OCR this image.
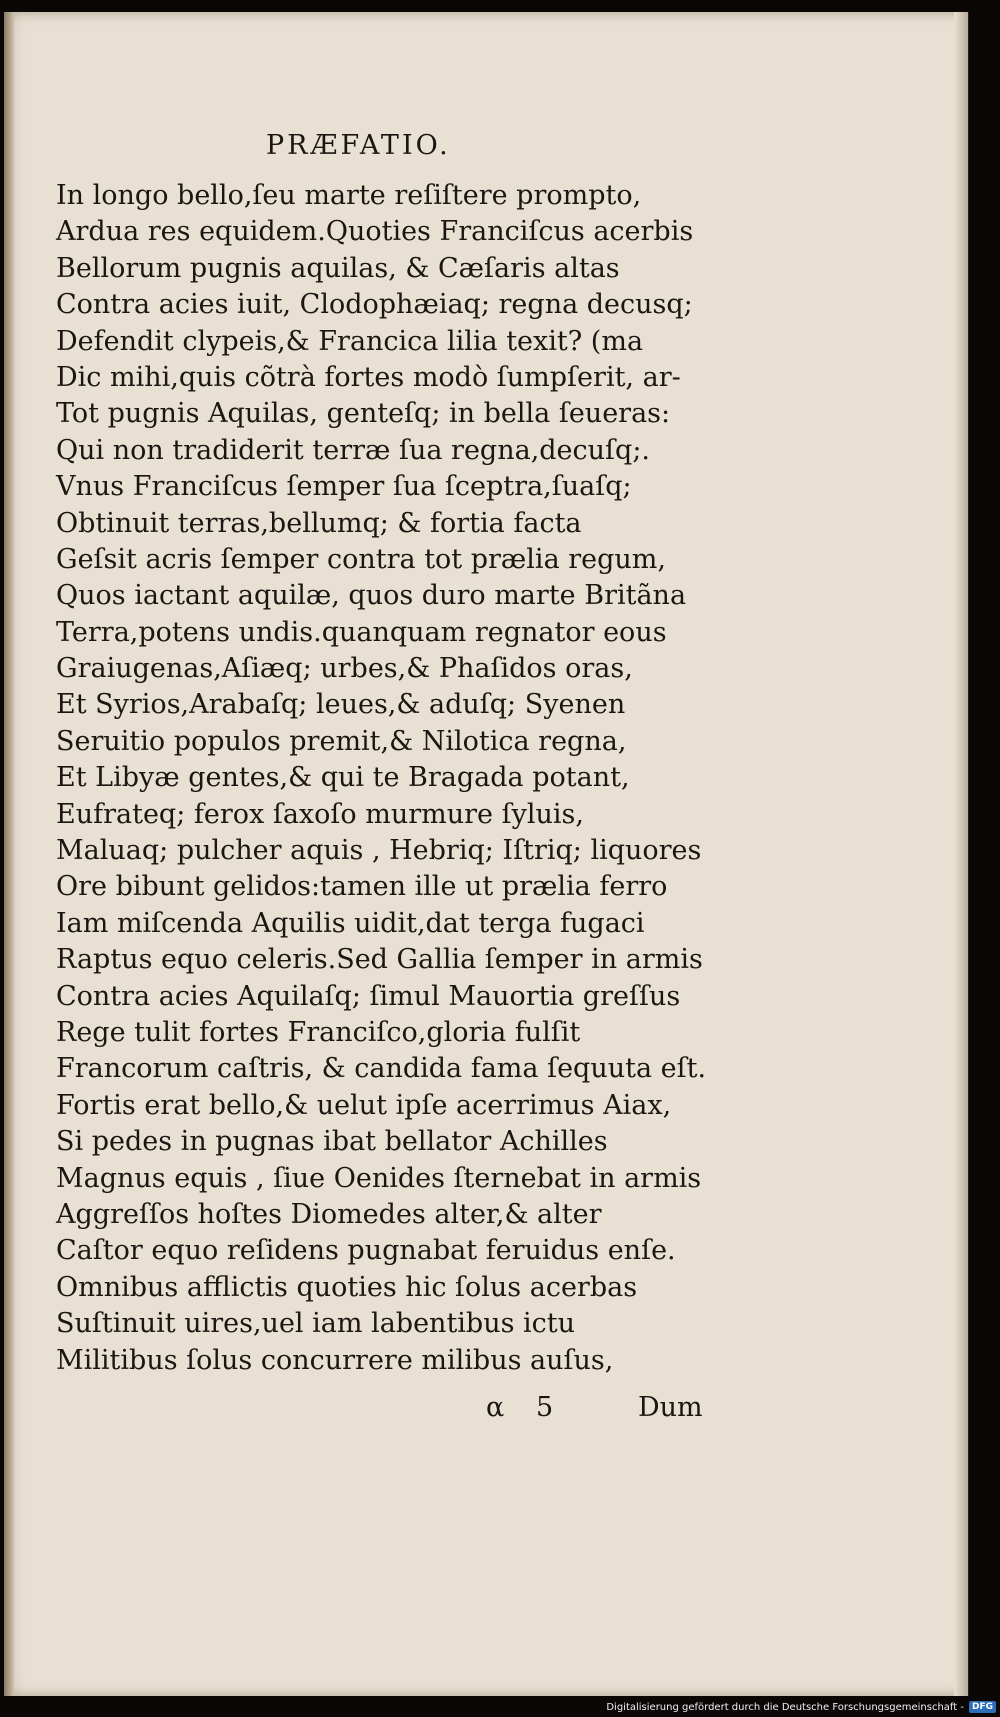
PRÆFATIO.
In longo bello,ſeu marte reſiſtere prompto,
Ardua res equidem.Quoties Franciſcus acerbis
Bellorum pugnis aquilas, & Cæſaris altas
Contra acies iuit, Clodophæiaq; regna decusq;
Defendit clypeis,& Francica lilia texit? (ma
Dic mihi,quis cõtrà fortes modò ſumpſerit, ar-
Tot pugnis Aquilas, genteſq; in bella ſeueras:
Qui non tradiderit terræ ſua regna,decuſq;.
Vnus Franciſcus ſemper ſua ſceptra,ſuaſq;
Obtinuit terras,bellumq; & fortia facta
Geſsit acris ſemper contra tot prælia regum,
Quos iactant aquilæ, quos duro marte Britãna
Terra,potens undis.quanquam regnator eous
Graiugenas,Aſiæq; urbes,& Phaſidos oras,
Et Syrios,Arabaſq; leues,& aduſq; Syenen
Seruitio populos premit,& Nilotica regna,
Et Libyæ gentes,& qui te Bragada potant,
Eufrateq; ferox ſaxoſo murmure ſyluis,
Maluaq; pulcher aquis , Hebriq; Iſtriq; liquores
Ore bibunt gelidos:tamen ille ut prælia ferro
Iam miſcenda Aquilis uidit,dat terga fugaci
Raptus equo celeris.Sed Gallia ſemper in armis
Contra acies Aquilaſq; ſimul Mauortia greſſus
Rege tulit fortes Franciſco,gloria fulſit
Francorum caſtris, & candida fama ſequuta eſt.
Fortis erat bello,& uelut ipſe acerrimus Aiax,
Si pedes in pugnas ibat bellator Achilles
Magnus equis , ſiue Oenides ſternebat in armis
Aggreſſos hoſtes Diomedes alter,& alter
Caſtor equo reſidens pugnabat feruidus enſe.
Omnibus afflictis quoties hic ſolus acerbas
Suſtinuit uires,uel iam labentibus ictu
Militibus ſolus concurrere milibus auſus,
α 5	Dum
Digitalisierung gefördert durch die Deutsche Forschungsgemeinschaft - DFG
